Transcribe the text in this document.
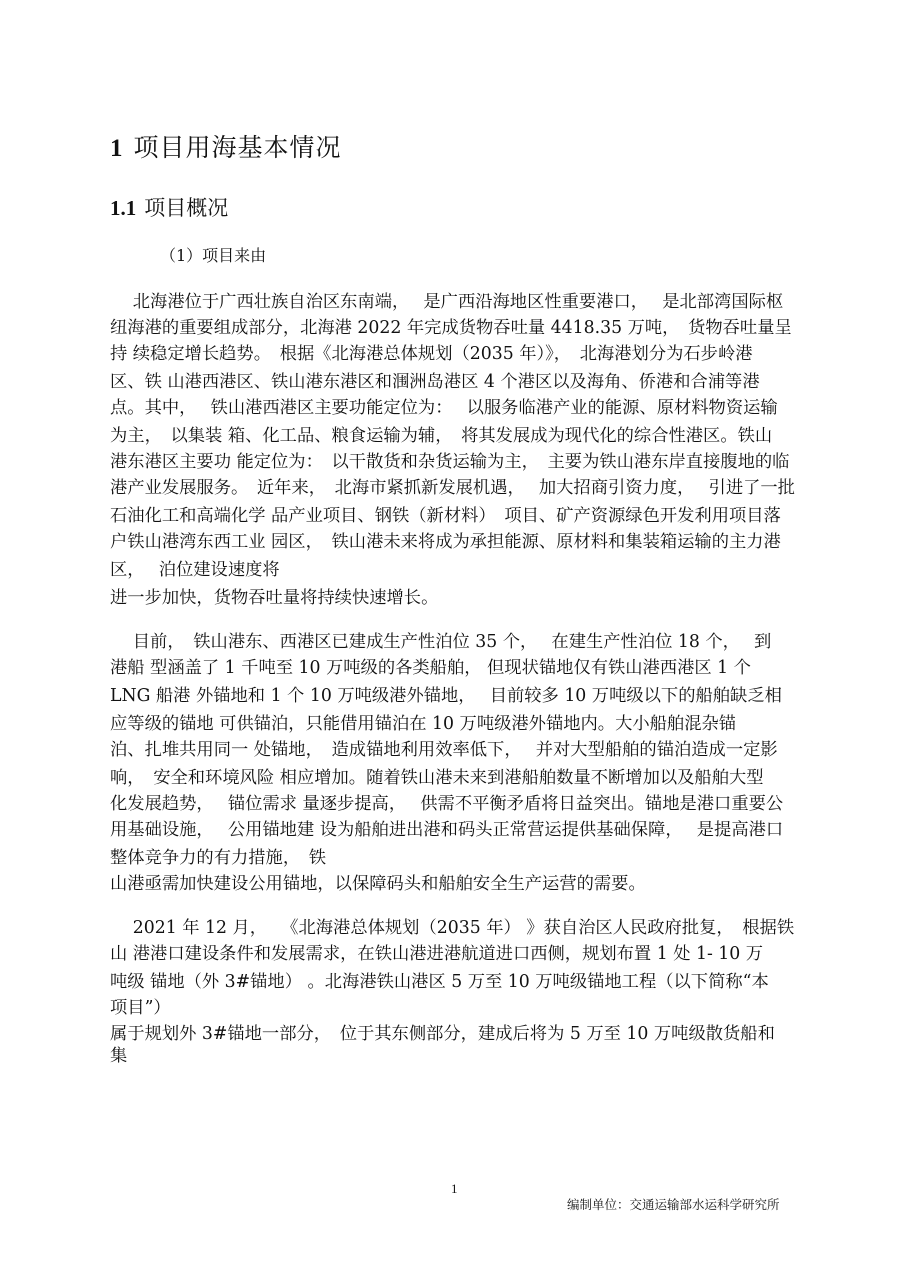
1 项目用海基本情况
1.1 项目概况
（1）项目来由
　 北海港位于广西壮族自治区东南端，　 是广西沿海地区性重要港口，　 是北部湾国际枢
纽海港的重要组成部分，北海港 2022 年完成货物吞吐量 4418.35 万吨，　货物吞吐量呈
持 续稳定增长趋势。　根据《北海港总体规划（2035 年）》，　北海港划分为石步岭港
区、铁 山港西港区、铁山港东港区和涠洲岛港区 4 个港区以及海角、侨港和合浦等港
点。其中，　 铁山港西港区主要功能定位为：　 以服务临港产业的能源、原材料物资运输
为主，　以集装 箱、化工品、粮食运输为辅，　将其发展成为现代化的综合性港区。铁山
港东港区主要功 能定位为：　以干散货和杂货运输为主，　主要为铁山港东岸直接腹地的临
港产业发展服务。　近年来，　北海市紧抓新发展机遇，　 加大招商引资力度，　 引进了一批
石油化工和高端化学 品产业项目、钢铁（新材料）　项目、矿产资源绿色开发利用项目落
户铁山港湾东西工业 园区，　铁山港未来将成为承担能源、原材料和集装箱运输的主力港
区，　 泊位建设速度将
进一步加快，货物吞吐量将持续快速增长。
　 目前，　铁山港东、西港区已建成生产性泊位 35 个，　 在建生产性泊位 18 个，　 到
港船 型涵盖了 1 千吨至 10 万吨级的各类船舶， 但现状锚地仅有铁山港西港区 1 个
LNG 船港 外锚地和 1 个 10 万吨级港外锚地，　 目前较多 10 万吨级以下的船舶缺乏相
应等级的锚地 可供锚泊，只能借用锚泊在 10 万吨级港外锚地内。大小船舶混杂锚
泊、扎堆共用同一 处锚地，　造成锚地利用效率低下，　 并对大型船舶的锚泊造成一定影
响，　安全和环境风险 相应增加。随着铁山港未来到港船舶数量不断增加以及船舶大型
化发展趋势，　 锚位需求 量逐步提高，　 供需不平衡矛盾将日益突出。锚地是港口重要公
用基础设施，　 公用锚地建 设为船舶进出港和码头正常营运提供基础保障，　 是提高港口
整体竞争力的有力措施，　铁
山港亟需加快建设公用锚地，以保障码头和船舶安全生产运营的需要。
　 2021 年 12 月，　 《北海港总体规划（2035 年） 》获自治区人民政府批复，　根据铁
山 港港口建设条件和发展需求，在铁山港进港航道进口西侧，规划布置 1 处 1- 10 万
吨级 锚地（外 3#锚地） 。北海港铁山港区 5 万至 10 万吨级锚地工程（以下简称“本
项目”）
属于规划外 3#锚地一部分，　位于其东侧部分，建成后将为 5 万至 10 万吨级散货船和
集
1
编制单位：交通运输部水运科学研究所
